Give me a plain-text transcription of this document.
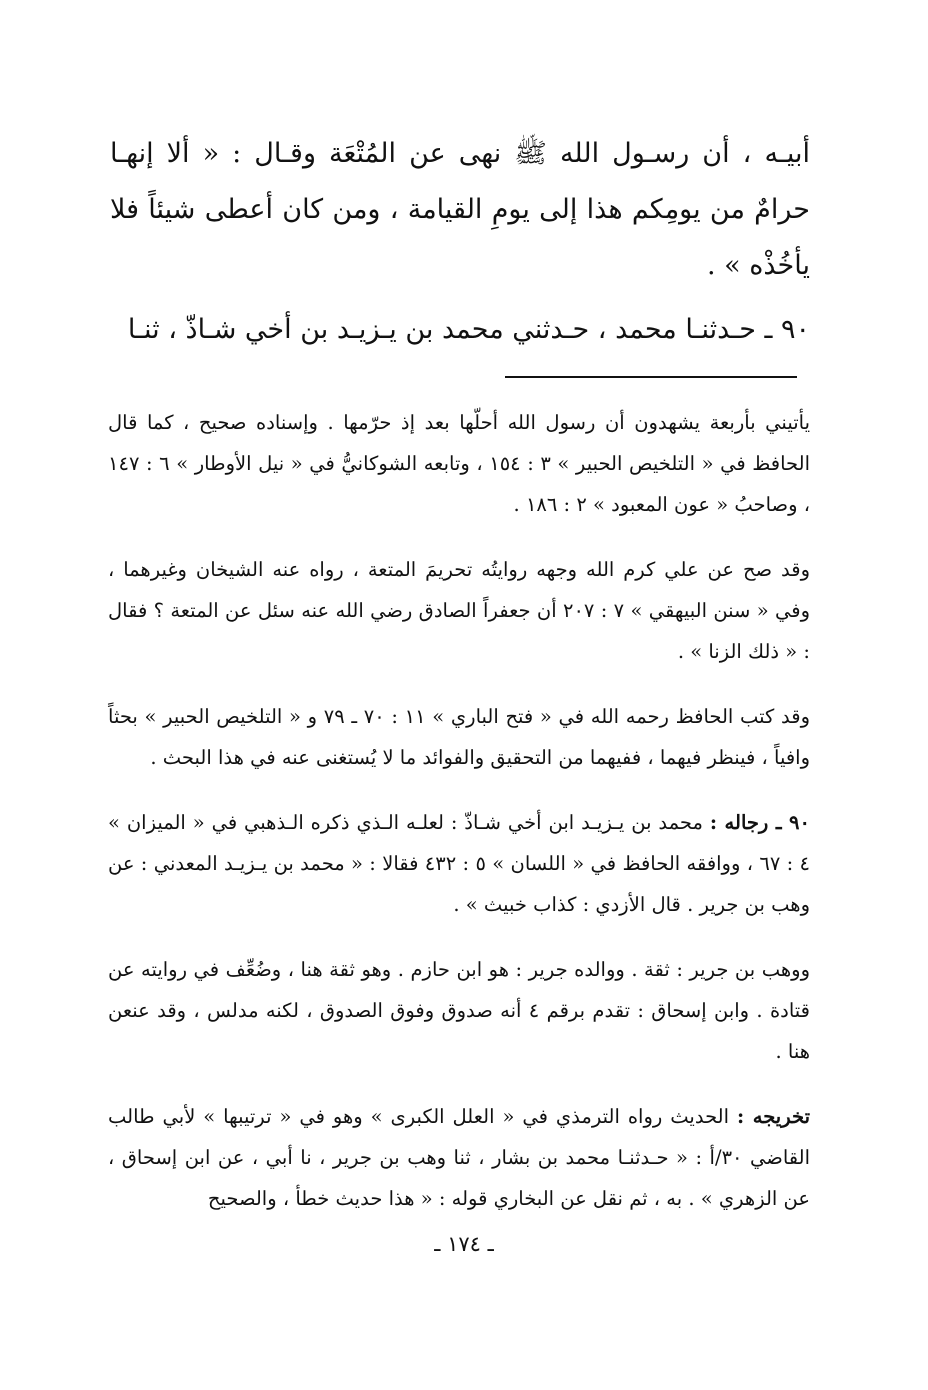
أبيـه ، أن رسـول الله ﷺ نهى عن المُتْعَة وقـال : « ألا إنهـا حرامٌ من يومِكم هذا إلى يومِ القيامة ، ومن كان أعطى شيئاً فلا يأخُذْه » .

٩٠ ـ حـدثنـا محمد ، حـدثني محمد بن يـزيـد بن أخي شـاذّ ، ثنـا

يأتيني بأربعة يشهدون أن رسول الله أحلّها بعد إذ حرّمها . وإسناده صحيح ، كما قال الحافظ في « التلخيص الحبير » ٣ : ١٥٤ ، وتابعه الشوكانيُّ في « نيل الأوطار » ٦ : ١٤٧ ، وصاحبُ « عون المعبود » ٢ : ١٨٦ .

وقد صح عن علي كرم الله وجهه روايتُه تحريمَ المتعة ، رواه عنه الشيخان وغيرهما ، وفي « سنن البيهقي » ٧ : ٢٠٧ أن جعفراً الصادق رضي الله عنه سئل عن المتعة ؟ فقال : « ذلك الزنا » .

وقد كتب الحافظ رحمه الله في « فتح الباري » ١١ : ٧٠ ـ ٧٩ و « التلخيص الحبير » بحثاً وافياً ، فينظر فيهما ، ففيهما من التحقيق والفوائد ما لا يُستغنى عنه في هذا البحث .

٩٠ ـ رجاله : محمد بن يـزيـد ابن أخي شـاذّ : لعلـه الـذي ذكره الـذهبي في « الميزان » ٤ : ٦٧ ، ووافقه الحافظ في « اللسان » ٥ : ٤٣٢ فقالا : « محمد بن يـزيـد المعدني : عن وهب بن جرير . قال الأزدي : كذاب خبيث » .

ووهب بن جرير : ثقة . ووالده جرير : هو ابن حازم . وهو ثقة هنا ، وضُعِّف في روايته عن قتادة . وابن إسحاق : تقدم برقم ٤ أنه صدوق وفوق الصدوق ، لكنه مدلس ، وقد عنعن هنا .

تخريجه : الحديث رواه الترمذي في « العلل الكبرى » وهو في « ترتيبها » لأبي طالب القاضي ٣٠/أ : « حـدثنـا محمد بن بشار ، ثنا وهب بن جرير ، نا أبي ، عن ابن إسحاق ، عن الزهري » . به ، ثم نقل عن البخاري قوله : « هذا حديث خطأ ، والصحيح

ـ ١٧٤ ـ
